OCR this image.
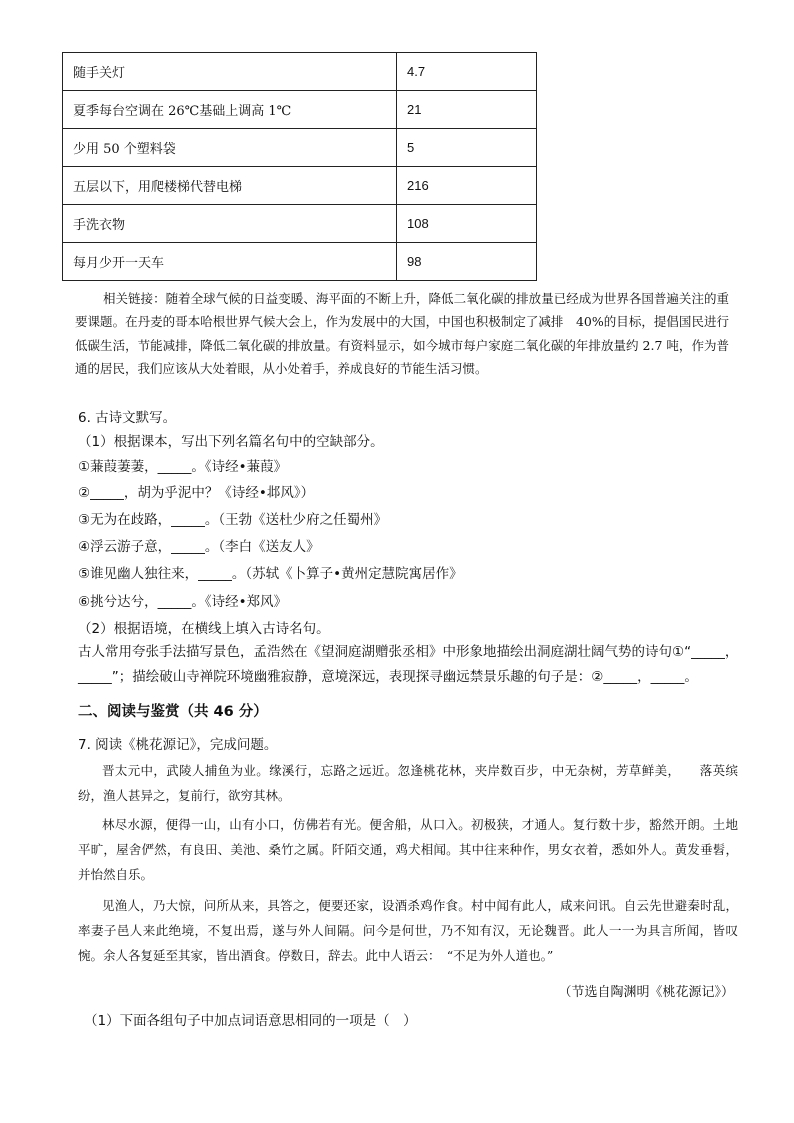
随手关灯	4.7
夏季每台空调在 26℃基础上调高 1℃	21
少用 50 个塑料袋	5
五层以下，用爬楼梯代替电梯	216
手洗衣物	108
每月少开一天车	98
相关链接：随着全球气候的日益变暖、海平面的不断上升，降低二氧化碳的排放量已经成为世界各国普遍关注的重要课题。在丹麦的哥本哈根世界气候大会上，作为发展中的大国，中国也积极制定了减排　40%的目标，提倡国民进行低碳生活，节能减排，降低二氧化碳的排放量。有资料显示，如今城市每户家庭二氧化碳的年排放量约 2.7 吨，作为普通的居民，我们应该从大处着眼，从小处着手，养成良好的节能生活习惯。
6. 古诗文默写。
（1）根据课本，写出下列名篇名句中的空缺部分。
①蒹葭萋萋，_____。《诗经•蒹葭》
②_____，胡为乎泥中？《诗经•邶风》）
③无为在歧路，_____。（王勃《送杜少府之任蜀州》
④浮云游子意，_____。（李白《送友人》
⑤谁见幽人独往来，_____。（苏轼《卜算子•黄州定慧院寓居作》
⑥挑兮达兮，_____。《诗经•郑风》
（2）根据语境，在横线上填入古诗名句。
古人常用夸张手法描写景色，孟浩然在《望洞庭湖赠张丞相》中形象地描绘出洞庭湖壮阔气势的诗句①“_____，_____”；描绘破山寺禅院环境幽雅寂静，意境深远，表现探寻幽远禁景乐趣的句子是：②_____，_____。
二、阅读与鉴赏（共 46 分）
7. 阅读《桃花源记》，完成问题。
晋太元中，武陵人捕鱼为业。缘溪行，忘路之远近。忽逢桃花林，夹岸数百步，中无杂树，芳草鲜美，　　落英缤纷，渔人甚异之，复前行，欲穷其林。
林尽水源，便得一山，山有小口，仿佛若有光。便舍船，从口入。初极狭，才通人。复行数十步，豁然开朗。土地平旷，屋舍俨然，有良田、美池、桑竹之属。阡陌交通，鸡犬相闻。其中往来种作，男女衣着，悉如外人。黄发垂髫，并怡然自乐。
见渔人，乃大惊，问所从来，具答之，便要还家，设酒杀鸡作食。村中闻有此人，咸来问讯。自云先世避秦时乱，率妻子邑人来此绝境，不复出焉，遂与外人间隔。问今是何世，乃不知有汉，无论魏晋。此人一一为具言所闻，皆叹惋。余人各复延至其家，皆出酒食。停数日，辞去。此中人语云：　“不足为外人道也。”
（节选自陶渊明《桃花源记》）
（1）下面各组句子中加点词语意思相同的一项是（　）
